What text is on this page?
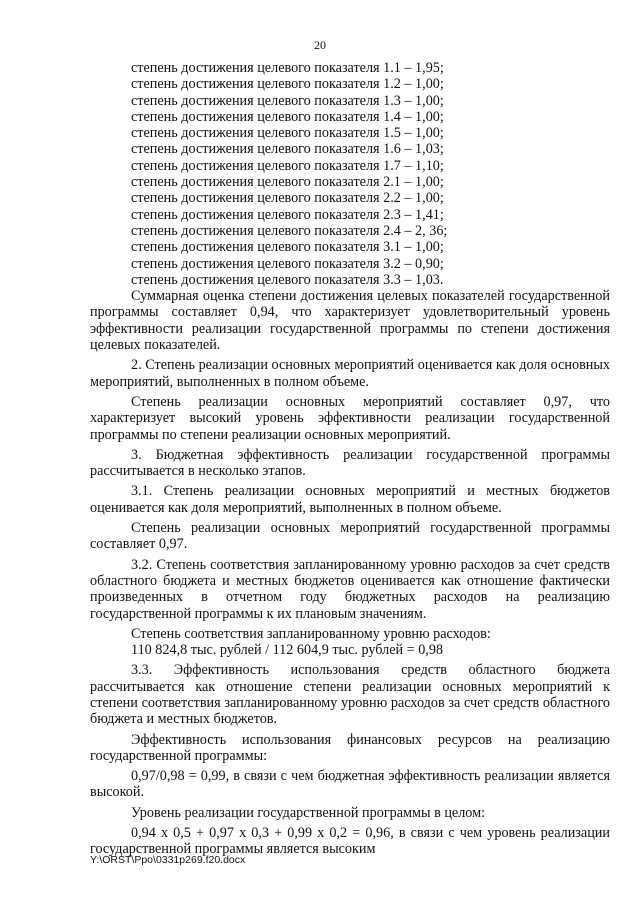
20

степень достижения целевого показателя 1.1 – 1,95;

степень достижения целевого показателя 1.2 – 1,00;

степень достижения целевого показателя 1.3 – 1,00;

степень достижения целевого показателя 1.4 – 1,00;

степень достижения целевого показателя 1.5 – 1,00;

степень достижения целевого показателя 1.6 – 1,03;

степень достижения целевого показателя 1.7 – 1,10;

степень достижения целевого показателя 2.1 – 1,00;

степень достижения целевого показателя 2.2 – 1,00;

степень достижения целевого показателя 2.3 – 1,41;

степень достижения целевого показателя 2.4 – 2, 36;

степень достижения целевого показателя 3.1 – 1,00;

степень достижения целевого показателя 3.2 – 0,90;

степень достижения целевого показателя 3.3 – 1,03.

Суммарная оценка степени достижения целевых показателей государственной программы составляет 0,94, что характеризует удовлетворительный уровень эффективности реализации государственной программы по степени достижения целевых показателей.

2. Степень реализации основных мероприятий оценивается как доля основных мероприятий, выполненных в полном объеме.

Степень реализации основных мероприятий составляет 0,97, что характеризует высокий уровень эффективности реализации государственной программы по степени реализации основных мероприятий.

3. Бюджетная эффективность реализации государственной программы рассчитывается в несколько этапов.

3.1. Степень реализации основных мероприятий и местных бюджетов оценивается как доля мероприятий, выполненных в полном объеме.

Степень реализации основных мероприятий государственной программы составляет 0,97.

3.2. Степень соответствия запланированному уровню расходов за счет средств областного бюджета и местных бюджетов оценивается как отношение фактически произведенных в отчетном году бюджетных расходов на реализацию государственной программы к их плановым значениям.

Степень соответствия запланированному уровню расходов:

110 824,8 тыс. рублей / 112 604,9 тыс. рублей = 0,98

3.3. Эффективность использования средств областного бюджета рассчитывается как отношение степени реализации основных мероприятий к степени соответствия запланированному уровню расходов за счет средств областного бюджета и местных бюджетов.

Эффективность использования финансовых ресурсов на реализацию государственной программы:

0,97/0,98 = 0,99, в связи с чем бюджетная эффективность реализации является высокой.

Уровень реализации государственной программы в целом:

0,94 х 0,5 + 0,97 х 0,3 + 0,99 х 0,2 = 0,96, в связи с чем уровень реализации государственной программы является высоким

Y:\ORST\Ppo\0331p269.f20.docx
